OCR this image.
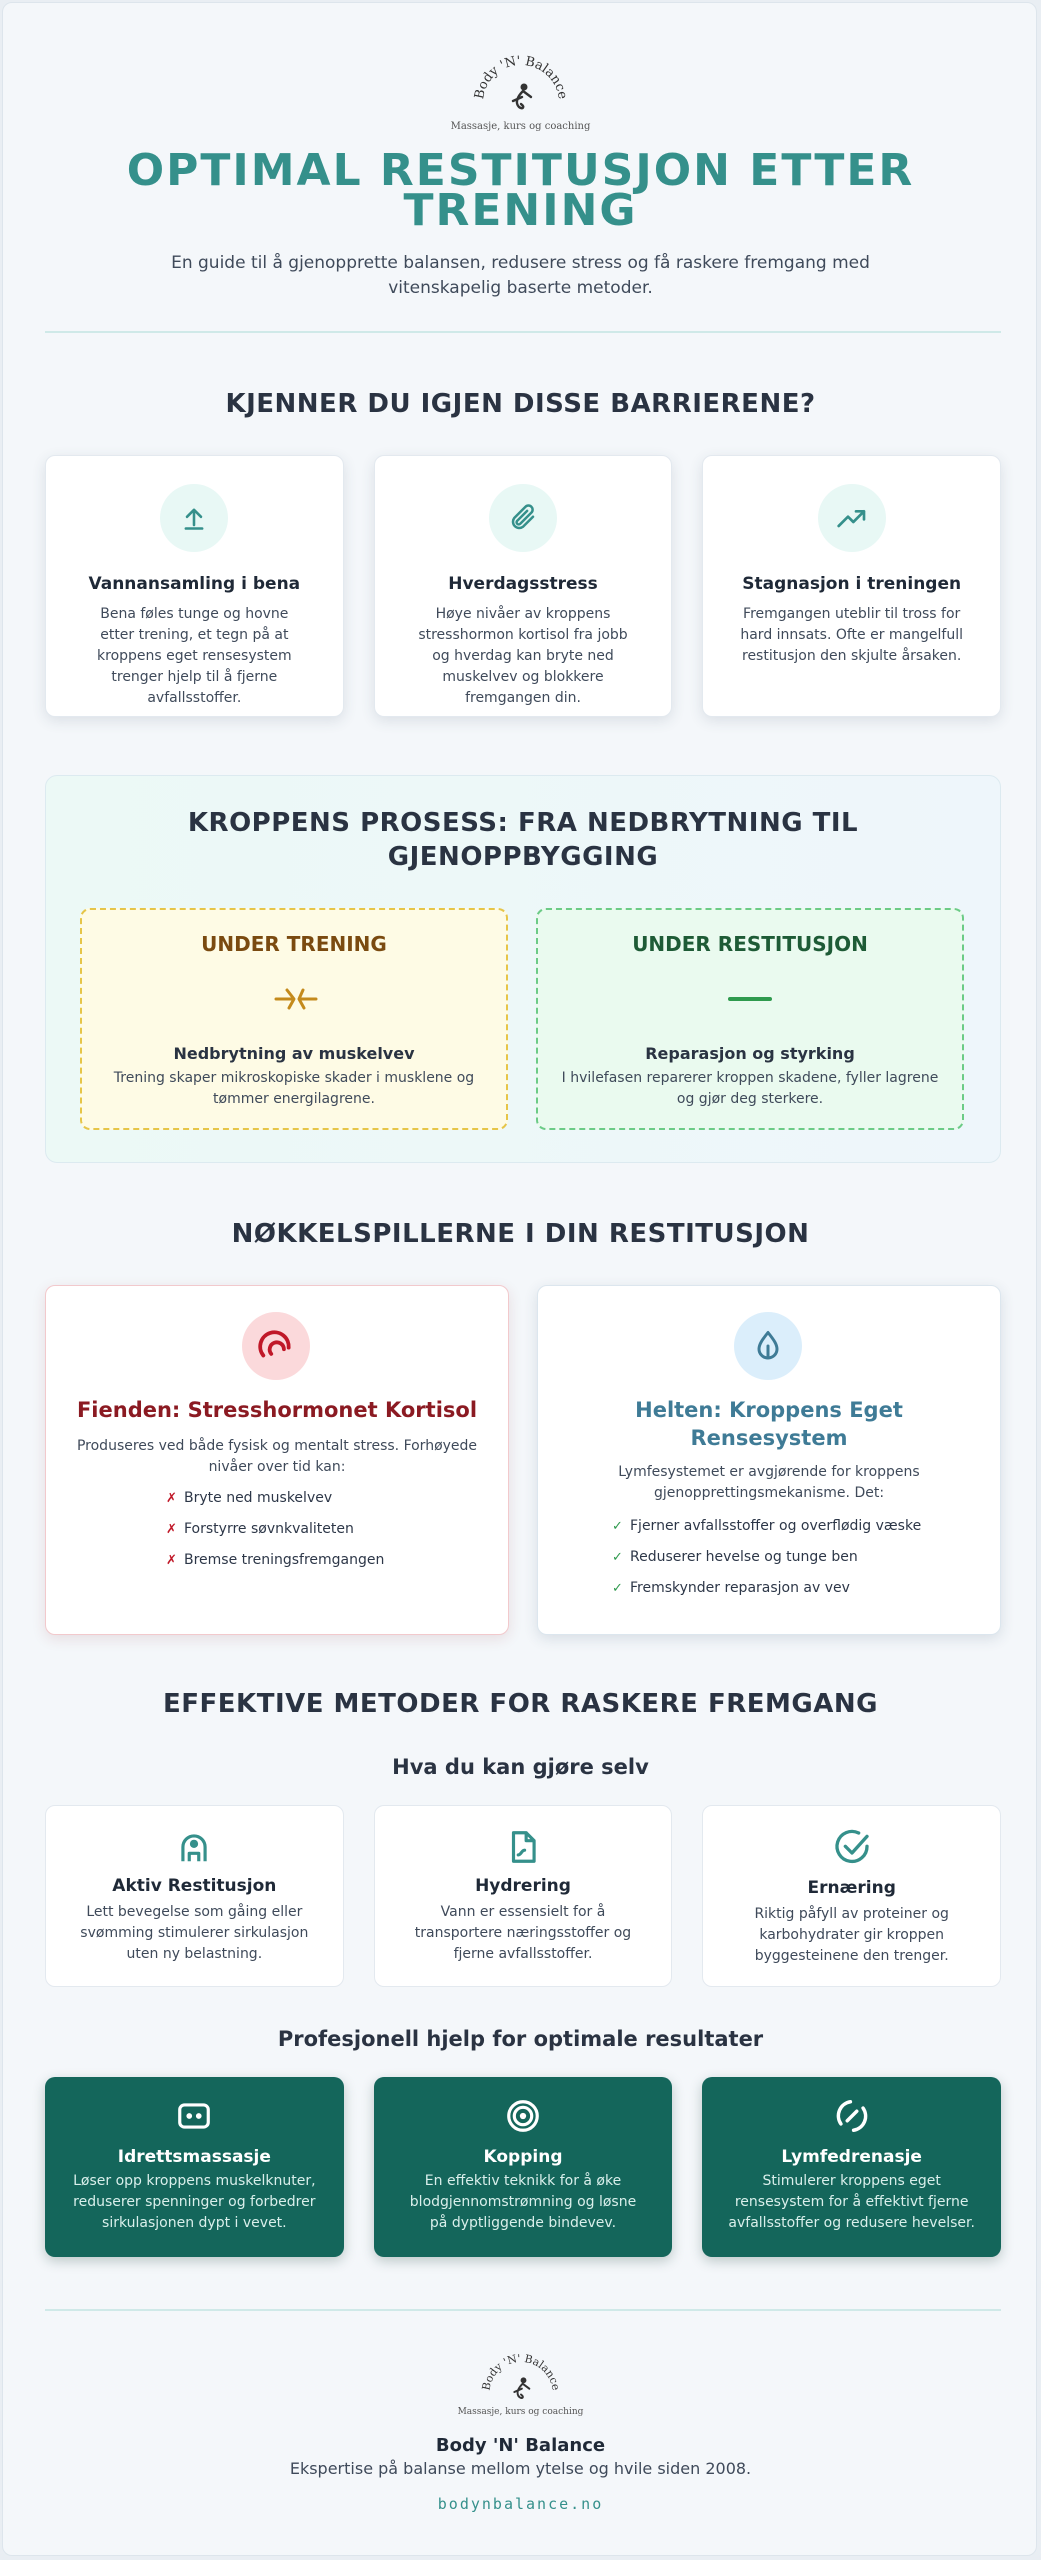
Body 'N' Balance
Massasje, kurs og coaching
OPTIMAL RESTITUSJON ETTER TRENING

En guide til å gjenopprette balansen, redusere stress og få raskere fremgang med vitenskapelig baserte metoder.

KJENNER DU IGJEN DISSE BARRIERENE?
Vannansamling i bena

Bena føles tunge og hovne etter trening, et tegn på at kroppens eget rensesystem trenger hjelp til å fjerne avfallsstoffer.

Hverdagsstress

Høye nivåer av kroppens stresshormon kortisol fra jobb og hverdag kan bryte ned muskelvev og blokkere fremgangen din.

Stagnasjon i treningen

Fremgangen uteblir til tross for hard innsats. Ofte er mangelfull restitusjon den skjulte årsaken.

KROPPENS PROSESS: FRA NEDBRYTNING TIL GJENOPPBYGGING
UNDER TRENING

Nedbrytning av muskelvev

Trening skaper mikroskopiske skader i musklene og tømmer energilagrene.

UNDER RESTITUSJON

Reparasjon og styrking

I hvilefasen reparerer kroppen skadene, fyller lagrene og gjør deg sterkere.

NØKKELSPILLERNE I DIN RESTITUSJON
Fienden: Stresshormonet Kortisol

Produseres ved både fysisk og mentalt stress. Forhøyede nivåer over tid kan:

✗ Bryte ned muskelvev
✗ Forstyrre søvnkvaliteten
✗ Bremse treningsfremgangen
Helten: Kroppens Eget Rensesystem

Lymfesystemet er avgjørende for kroppens gjenopprettingsmekanisme. Det:

✓ Fjerner avfallsstoffer og overflødig væske
✓ Reduserer hevelse og tunge ben
✓ Fremskynder reparasjon av vev
EFFEKTIVE METODER FOR RASKERE FREMGANG
Hva du kan gjøre selv
Aktiv Restitusjon

Lett bevegelse som gåing eller svømming stimulerer sirkulasjon uten ny belastning.

Hydrering

Vann er essensielt for å transportere næringsstoffer og fjerne avfallsstoffer.

Ernæring

Riktig påfyll av proteiner og karbohydrater gir kroppen byggesteinene den trenger.

Profesjonell hjelp for optimale resultater
Idrettsmassasje

Løser opp kroppens muskelknuter, reduserer spenninger og forbedrer sirkulasjonen dypt i vevet.

Kopping

En effektiv teknikk for å øke blodgjennomstrømning og løsne på dyptliggende bindevev.

Lymfedrenasje

Stimulerer kroppens eget rensesystem for å effektivt fjerne avfallsstoffer og redusere hevelser.

Body 'N' Balance
Massasje, kurs og coaching

Body 'N' Balance

Ekspertise på balanse mellom ytelse og hvile siden 2008.

bodynbalance.no
